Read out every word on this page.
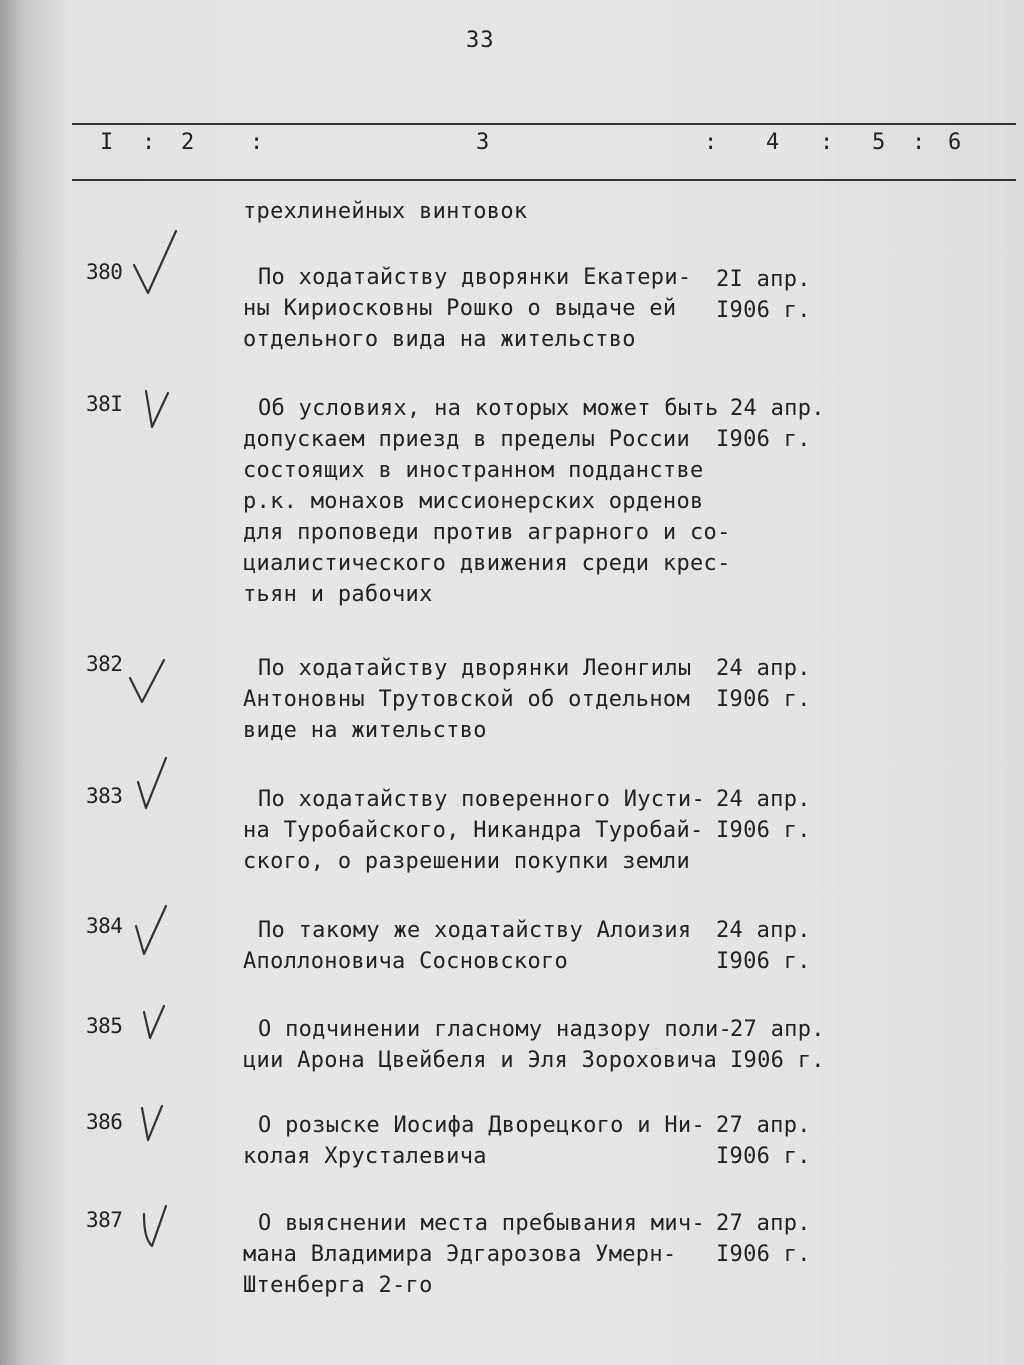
33
I : 2	:	3	: 4 : 5 : 6
трехлинейных винтовок
380	По ходатайству дворянки Екатери-
ны Кириосковны Рошко о выдаче ей
отдельного вида на жительство
2I апр.
I906 г.
38I	Об условиях, на которых может быть
допускаем приезд в пределы России
состоящих в иностранном подданстве
р.к. монахов миссионерских орденов
для проповеди против аграрного и со-
циалистического движения среди крес-
тьян и рабочих
24 апр.
I906 г.
382	По ходатайству дворянки Леонгилы
Антоновны Трутовской об отдельном
виде на жительство
24 апр.
I906 г.
383	По ходатайству поверенного Иусти-
на Туробайского, Никандра Туробай-
ского, о разрешении покупки земли
24 апр.
I906 г.
384	По такому же ходатайству Алоизия
Аполлоновича Сосновского
24 апр.
I906 г.
385	О подчинении гласному надзору поли-
ции Арона Цвейбеля и Эля Зороховича
27 апр.
I906 г.
386	О розыске Иосифа Дворецкого и Ни-
колая Хрусталевича
27 апр.
I906 г.
387	О выяснении места пребывания мич-
мана Владимира Эдгарозова Умерн-
Штенберга 2-го
27 апр.
I906 г.
